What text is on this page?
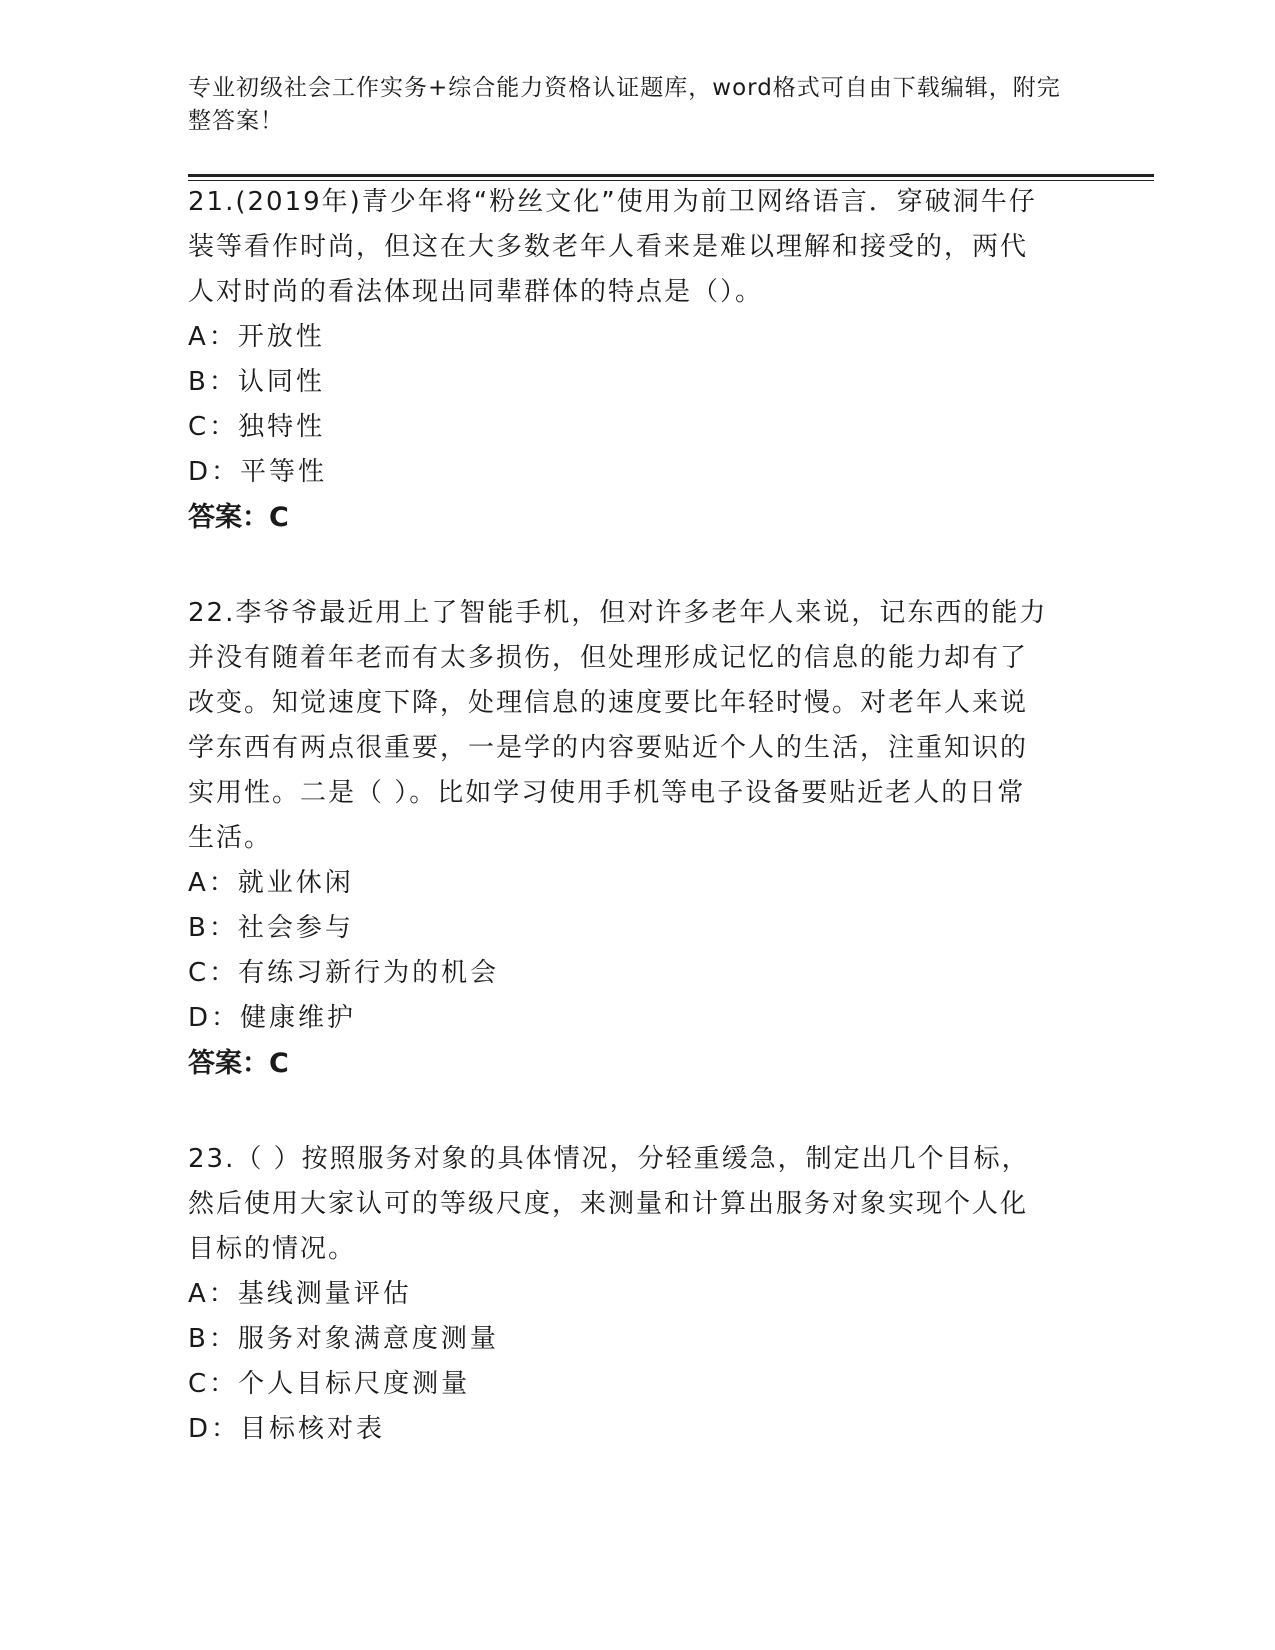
专业初级社会工作实务+综合能力资格认证题库，word格式可自由下载编辑，附完
整答案！

21.(2019年)青少年将“粉丝文化”使用为前卫网络语言．穿破洞牛仔

装等看作时尚，但这在大多数老年人看来是难以理解和接受的，两代

人对时尚的看法体现出同辈群体的特点是（）。

A：开放性

B：认同性

C：独特性

D：平等性

答案：C

22.李爷爷最近用上了智能手机，但对许多老年人来说，记东西的能力

并没有随着年老而有太多损伤，但处理形成记忆的信息的能力却有了

改变。知觉速度下降，处理信息的速度要比年轻时慢。对老年人来说

学东西有两点很重要，一是学的内容要贴近个人的生活，注重知识的

实用性。二是（ ）。比如学习使用手机等电子设备要贴近老人的日常

生活。

A：就业休闲

B：社会参与

C：有练习新行为的机会

D：健康维护

答案：C

23.（ ）按照服务对象的具体情况，分轻重缓急，制定出几个目标，

然后使用大家认可的等级尺度，来测量和计算出服务对象实现个人化

目标的情况。

A：基线测量评估

B：服务对象满意度测量

C：个人目标尺度测量

D：目标核对表
